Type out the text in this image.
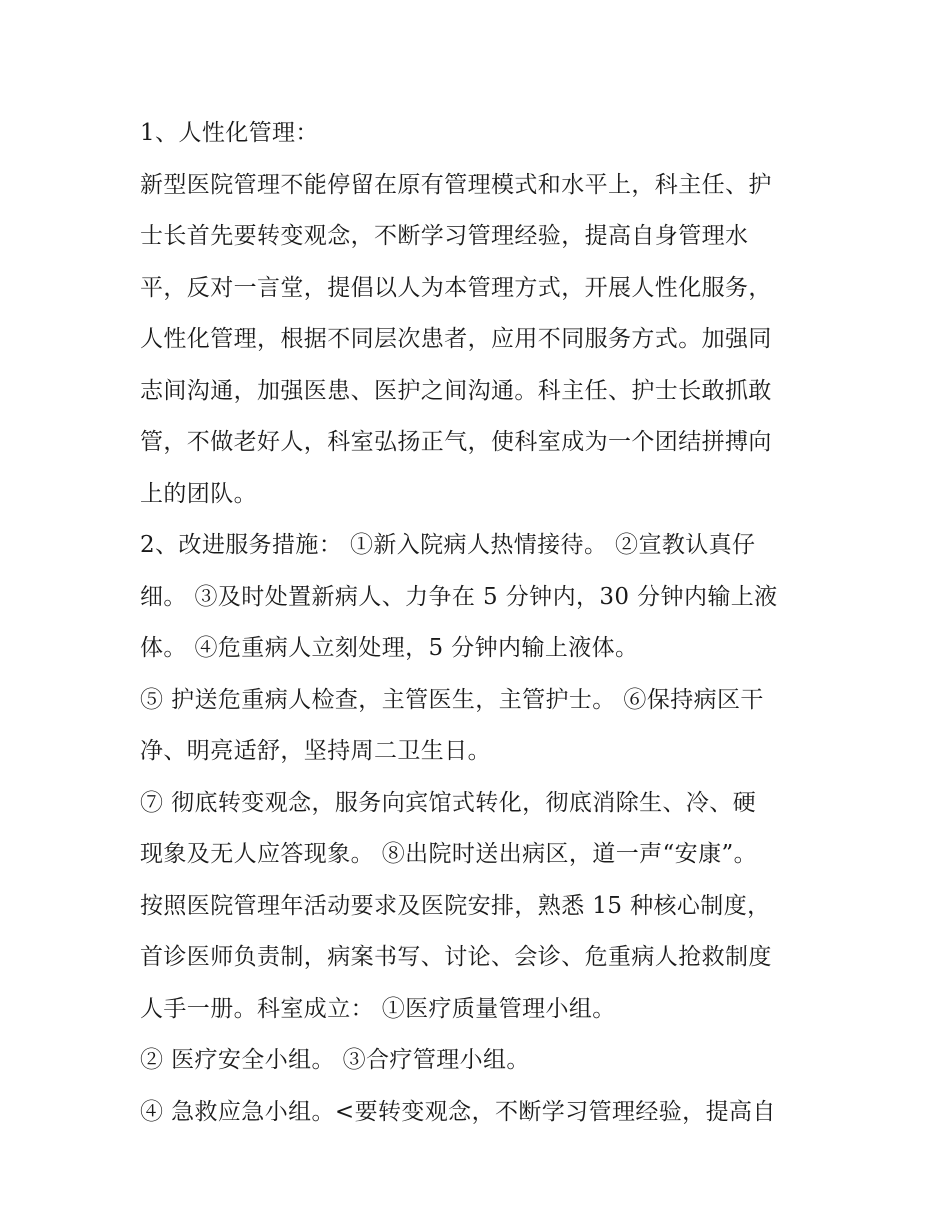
1、人性化管理：
新型医院管理不能停留在原有管理模式和水平上，科主任、护
士长首先要转变观念，不断学习管理经验，提高自身管理水
平，反对一言堂，提倡以人为本管理方式，开展人性化服务，
人性化管理，根据不同层次患者，应用不同服务方式。加强同
志间沟通，加强医患、医护之间沟通。科主任、护士长敢抓敢
管，不做老好人，科室弘扬正气，使科室成为一个团结拼搏向
上的团队。
2、改进服务措施： ①新入院病人热情接待。 ②宣教认真仔
细。 ③及时处置新病人、力争在 5 分钟内，30 分钟内输上液
体。 ④危重病人立刻处理，5 分钟内输上液体。
⑤ 护送危重病人检查，主管医生，主管护士。 ⑥保持病区干
净、明亮适舒，坚持周二卫生日。
⑦ 彻底转变观念，服务向宾馆式转化，彻底消除生、冷、硬
现象及无人应答现象。 ⑧出院时送出病区，道一声“安康”。
按照医院管理年活动要求及医院安排，熟悉 15 种核心制度，
首诊医师负责制，病案书写、讨论、会诊、危重病人抢救制度
人手一册。科室成立： ①医疗质量管理小组。
② 医疗安全小组。 ③合疗管理小组。
④ 急救应急小组。<要转变观念，不断学习管理经验，提高自
